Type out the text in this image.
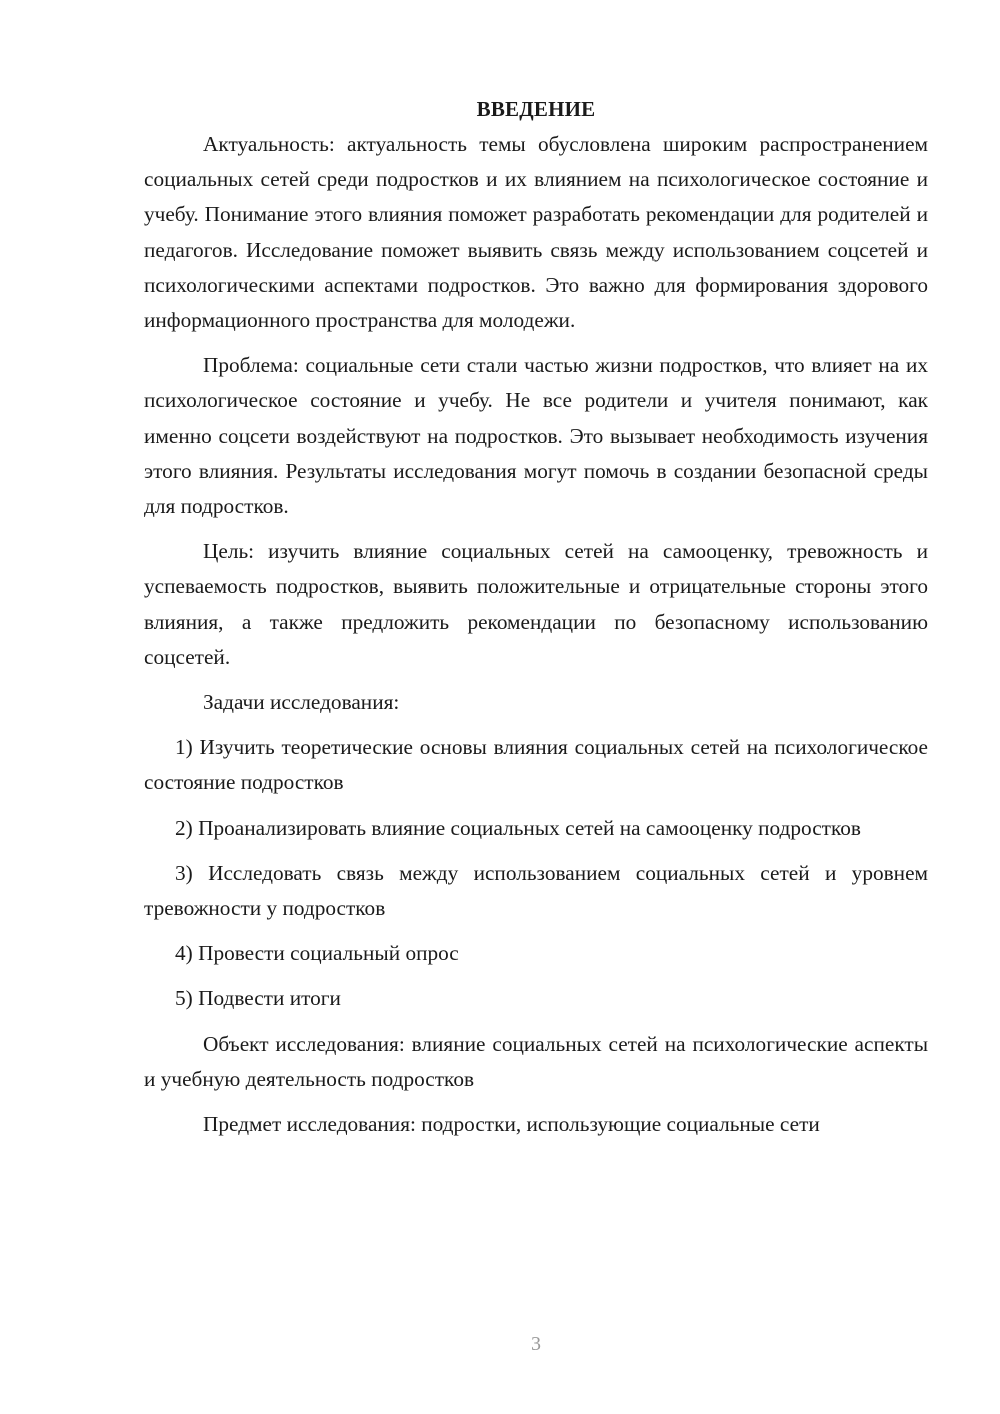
ВВЕДЕНИЕ

Актуальность: актуальность темы обусловлена широким распространением социальных сетей среди подростков и их влиянием на психологическое состояние и учебу. Понимание этого влияния поможет разработать рекомендации для родителей и педагогов. Исследование поможет выявить связь между использованием соцсетей и психологическими аспектами подростков. Это важно для формирования здорового информационного пространства для молодежи.

Проблема: социальные сети стали частью жизни подростков, что влияет на их психологическое состояние и учебу. Не все родители и учителя понимают, как именно соцсети воздействуют на подростков. Это вызывает необходимость изучения этого влияния. Результаты исследования могут помочь в создании безопасной среды для подростков.

Цель: изучить влияние социальных сетей на самооценку, тревожность и успеваемость подростков, выявить положительные и отрицательные стороны этого влияния, а также предложить рекомендации по безопасному использованию соцсетей.

Задачи исследования:

1) Изучить теоретические основы влияния социальных сетей на психологическое состояние подростков

2) Проанализировать влияние социальных сетей на самооценку подростков

3) Исследовать связь между использованием социальных сетей и уровнем тревожности у подростков

4) Провести социальный опрос

5) Подвести итоги

Объект исследования: влияние социальных сетей на психологические аспекты и учебную деятельность подростков

Предмет исследования: подростки, использующие социальные сети

3
